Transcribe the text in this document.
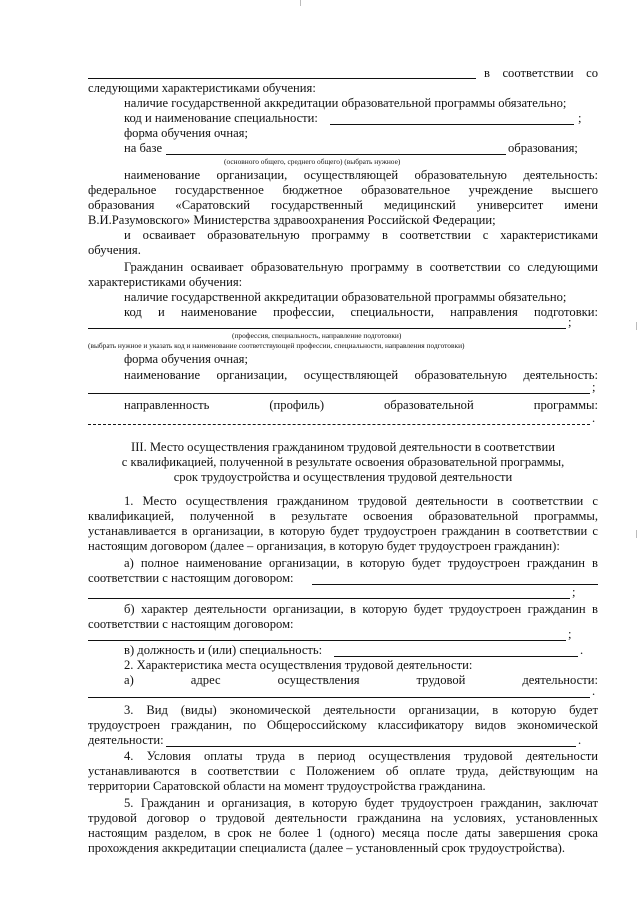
в соответствии со
следующими характеристиками обучения:
наличие государственной аккредитации образовательной программы обязательно;
код и наименование специальности:	;
форма обучения очная;
на базе	образования;
(основного общего, среднего общего) (выбрать нужное)
наименование организации, осуществляющей образовательную деятельность:
федеральное государственное бюджетное образовательное учреждение высшего
образования «Саратовский государственный медицинский университет имени
В.И.Разумовского» Министерства здравоохранения Российской Федерации;
и осваивает образовательную программу в соответствии с характеристиками
обучения.
Гражданин осваивает образовательную программу в соответствии со следующими
характеристиками обучения:
наличие государственной аккредитации образовательной программы обязательно;
код и наименование профессии, специальности, направления подготовки:
;
(профессия, специальность, направление подготовки)
(выбрать нужное и указать код и наименование соответствующей профессии, специальности, направления подготовки)
форма обучения очная;
наименование организации, осуществляющей образовательную деятельность:
;
направленность (профиль) образовательной программы:
.
III. Место осуществления гражданином трудовой деятельности в соответствии
с квалификацией, полученной в результате освоения образовательной программы,
срок трудоустройства и осуществления трудовой деятельности
1. Место осуществления гражданином трудовой деятельности в соответствии с
квалификацией, полученной в результате освоения образовательной программы,
устанавливается в организации, в которую будет трудоустроен гражданин в соответствии с
настоящим договором (далее – организация, в которую будет трудоустроен гражданин):
а) полное наименование организации, в которую будет трудоустроен гражданин в
соответствии с настоящим договором:
;
б) характер деятельности организации, в которую будет трудоустроен гражданин в
соответствии с настоящим договором:
;
в) должность и (или) специальность:	.
2. Характеристика места осуществления трудовой деятельности:
а) адрес осуществления трудовой деятельности:
.
3. Вид (виды) экономической деятельности организации, в которую будет
трудоустроен гражданин, по Общероссийскому классификатору видов экономической
деятельности:	.
4. Условия оплаты труда в период осуществления трудовой деятельности
устанавливаются в соответствии с Положением об оплате труда, действующим на
территории Саратовской области на момент трудоустройства гражданина.
5. Гражданин и организация, в которую будет трудоустроен гражданин, заключат
трудовой договор о трудовой деятельности гражданина на условиях, установленных
настоящим разделом, в срок не более 1 (одного) месяца после даты завершения срока
прохождения аккредитации специалиста (далее – установленный срок трудоустройства).
